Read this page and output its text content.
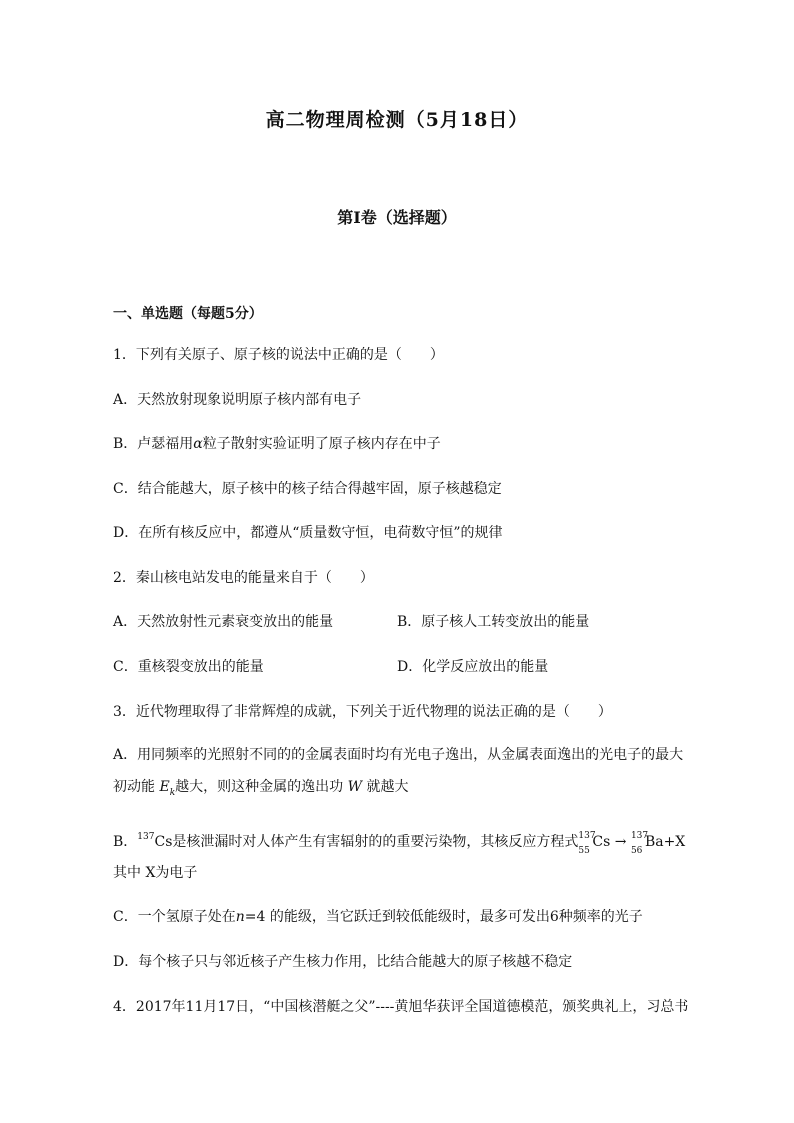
高二物理周检测（5月18日）
第I卷（选择题）
一、单选题（每题5分）
1．下列有关原子、原子核的说法中正确的是（　　）
A．天然放射现象说明原子核内部有电子
B．卢瑟福用α粒子散射实验证明了原子核内存在中子
C．结合能越大，原子核中的核子结合得越牢固，原子核越稳定
D．在所有核反应中，都遵从“质量数守恒，电荷数守恒”的规律
2．秦山核电站发电的能量来自于（　　）
A．天然放射性元素衰变放出的能量	B．原子核人工转变放出的能量
C．重核裂变放出的能量	D．化学反应放出的能量
3．近代物理取得了非常辉煌的成就，下列关于近代物理的说法正确的是（　　）
A．用同频率的光照射不同的的金属表面时均有光电子逸出，从金属表面逸出的光电子的最大
初动能 $E_k$越大，则这种金属的逸出功 W 就越大
B．$^{137}$Cs是核泄漏时对人体产生有害辐射的的重要污染物，其核反应方程式 137
55
Cs → 137
56
Ba+X
其中 X为电子
C．一个氢原子处在n=4 的能级，当它跃迁到较低能级时，最多可发出6种频率的光子
D．每个核子只与邻近核子产生核力作用，比结合能越大的原子核越不稳定
4．2017年11月17日，“中国核潜艇之父”----黄旭华获评全国道德模范，颁奖典礼上，习总书
